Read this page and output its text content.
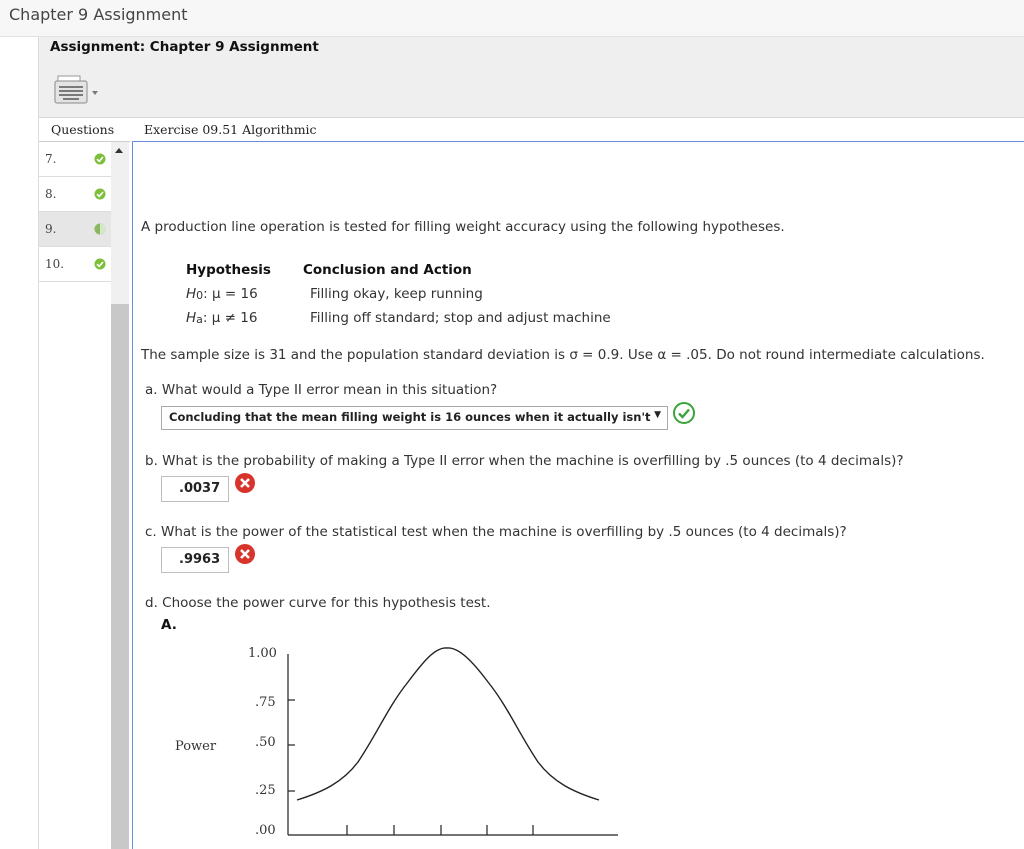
Chapter 9 Assignment
Assignment: Chapter 9 Assignment
Questions
7.
8.
9.
10.
Exercise 09.51 Algorithmic
A production line operation is tested for filling weight accuracy using the following hypotheses.
Hypothesis Conclusion and Action
H0: μ = 16	Filling okay, keep running
Ha: μ ≠ 16	Filling off standard; stop and adjust machine
The sample size is 31 and the population standard deviation is σ = 0.9. Use α = .05. Do not round intermediate calculations.
a. What would a Type II error mean in this situation?
Concluding that the mean filling weight is 16 ounces when it actually isn't ▼
b. What is the probability of making a Type II error when the machine is overfilling by .5 ounces (to 4 decimals)?
.0037
c. What is the power of the statistical test when the machine is overfilling by .5 ounces (to 4 decimals)?
.9963
d. Choose the power curve for this hypothesis test.
A.
Power
1.00
.75
.50
.25
.00
